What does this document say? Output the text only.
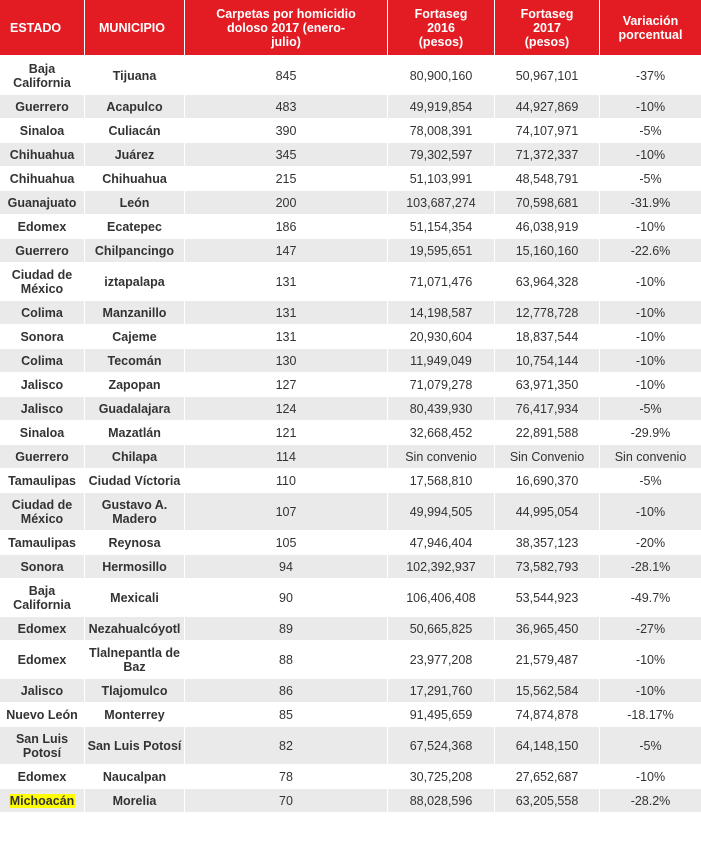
ESTADO	MUNICIPIO	Carpetas por homicidio doloso 2017 (enero-julio)	Fortaseg 2016 (pesos)	Fortaseg 2017 (pesos)	Variación porcentual
Baja California	Tijuana	845	80,900,160	50,967,101	-37%
Guerrero	Acapulco	483	49,919,854	44,927,869	-10%
Sinaloa	Culiacán	390	78,008,391	74,107,971	-5%
Chihuahua	Juárez	345	79,302,597	71,372,337	-10%
Chihuahua	Chihuahua	215	51,103,991	48,548,791	-5%
Guanajuato	León	200	103,687,274	70,598,681	-31.9%
Edomex	Ecatepec	186	51,154,354	46,038,919	-10%
Guerrero	Chilpancingo	147	19,595,651	15,160,160	-22.6%
Ciudad de México	iztapalapa	131	71,071,476	63,964,328	-10%
Colima	Manzanillo	131	14,198,587	12,778,728	-10%
Sonora	Cajeme	131	20,930,604	18,837,544	-10%
Colima	Tecomán	130	11,949,049	10,754,144	-10%
Jalisco	Zapopan	127	71,079,278	63,971,350	-10%
Jalisco	Guadalajara	124	80,439,930	76,417,934	-5%
Sinaloa	Mazatlán	121	32,668,452	22,891,588	-29.9%
Guerrero	Chilapa	114	Sin convenio	Sin Convenio	Sin convenio
Tamaulipas	Ciudad Víctoria	110	17,568,810	16,690,370	-5%
Ciudad de México	Gustavo A. Madero	107	49,994,505	44,995,054	-10%
Tamaulipas	Reynosa	105	47,946,404	38,357,123	-20%
Sonora	Hermosillo	94	102,392,937	73,582,793	-28.1%
Baja California	Mexicali	90	106,406,408	53,544,923	-49.7%
Edomex	Nezahualcóyotl	89	50,665,825	36,965,450	-27%
Edomex	Tlalnepantla de Baz	88	23,977,208	21,579,487	-10%
Jalisco	Tlajomulco	86	17,291,760	15,562,584	-10%
Nuevo León	Monterrey	85	91,495,659	74,874,878	-18.17%
San Luis Potosí	San Luis Potosí	82	67,524,368	64,148,150	-5%
Edomex	Naucalpan	78	30,725,208	27,652,687	-10%
Michoacán	Morelia	70	88,028,596	63,205,558	-28.2%
